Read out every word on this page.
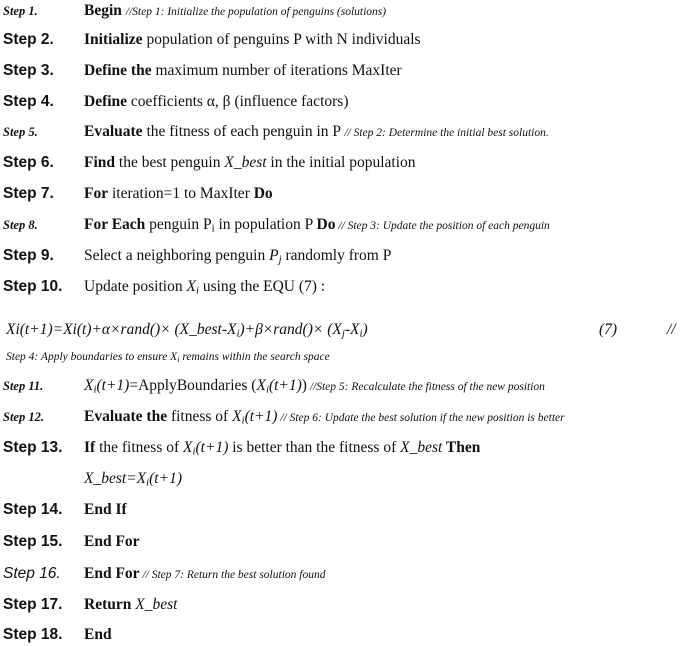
Step 1.	Begin //Step 1: Initialize the population of penguins (solutions)
Step 2. Initialize population of penguins P with N individuals
Step 3. Define the maximum number of iterations MaxIter
Step 4. Define coefficients α, β (influence factors)
Step 5.	Evaluate the fitness of each penguin in P // Step 2: Determine the initial best solution.
Step 6. Find the best penguin X_best in the initial population
Step 7. For iteration=1 to MaxIter Do
Step 8.	For Each penguin $P_i$ in population P Do // Step 3: Update the position of each penguin
Step 9. Select a neighboring penguin $P_j$ randomly from P
Step 10. Update position $X_i$ using the EQU (7) :
Xi(t+1)=Xi(t)+α×rand()× $(X\_best-X_i)+\beta\times rand()\times (X_j-X_i)$	(7)	//
Step 4: Apply boundaries to ensure $X_i$ remains within the search space
Step 11.	$X_i(t+1)=ApplyBoundaries$ $(X_i(t+1))$ //Step 5: Recalculate the fitness of the new position
Step 12.	Evaluate the fitness of $X_i(t+1)$ // Step 6: Update the best solution if the new position is better
Step 13. If the fitness of $X_i(t+1)$ is better than the fitness of X_best Then
$X\_best=X_i(t+1)$
Step 14. End If
Step 15. End For
Step 16. End For // Step 7: Return the best solution found
Step 17. Return X_best
Step 18. End
